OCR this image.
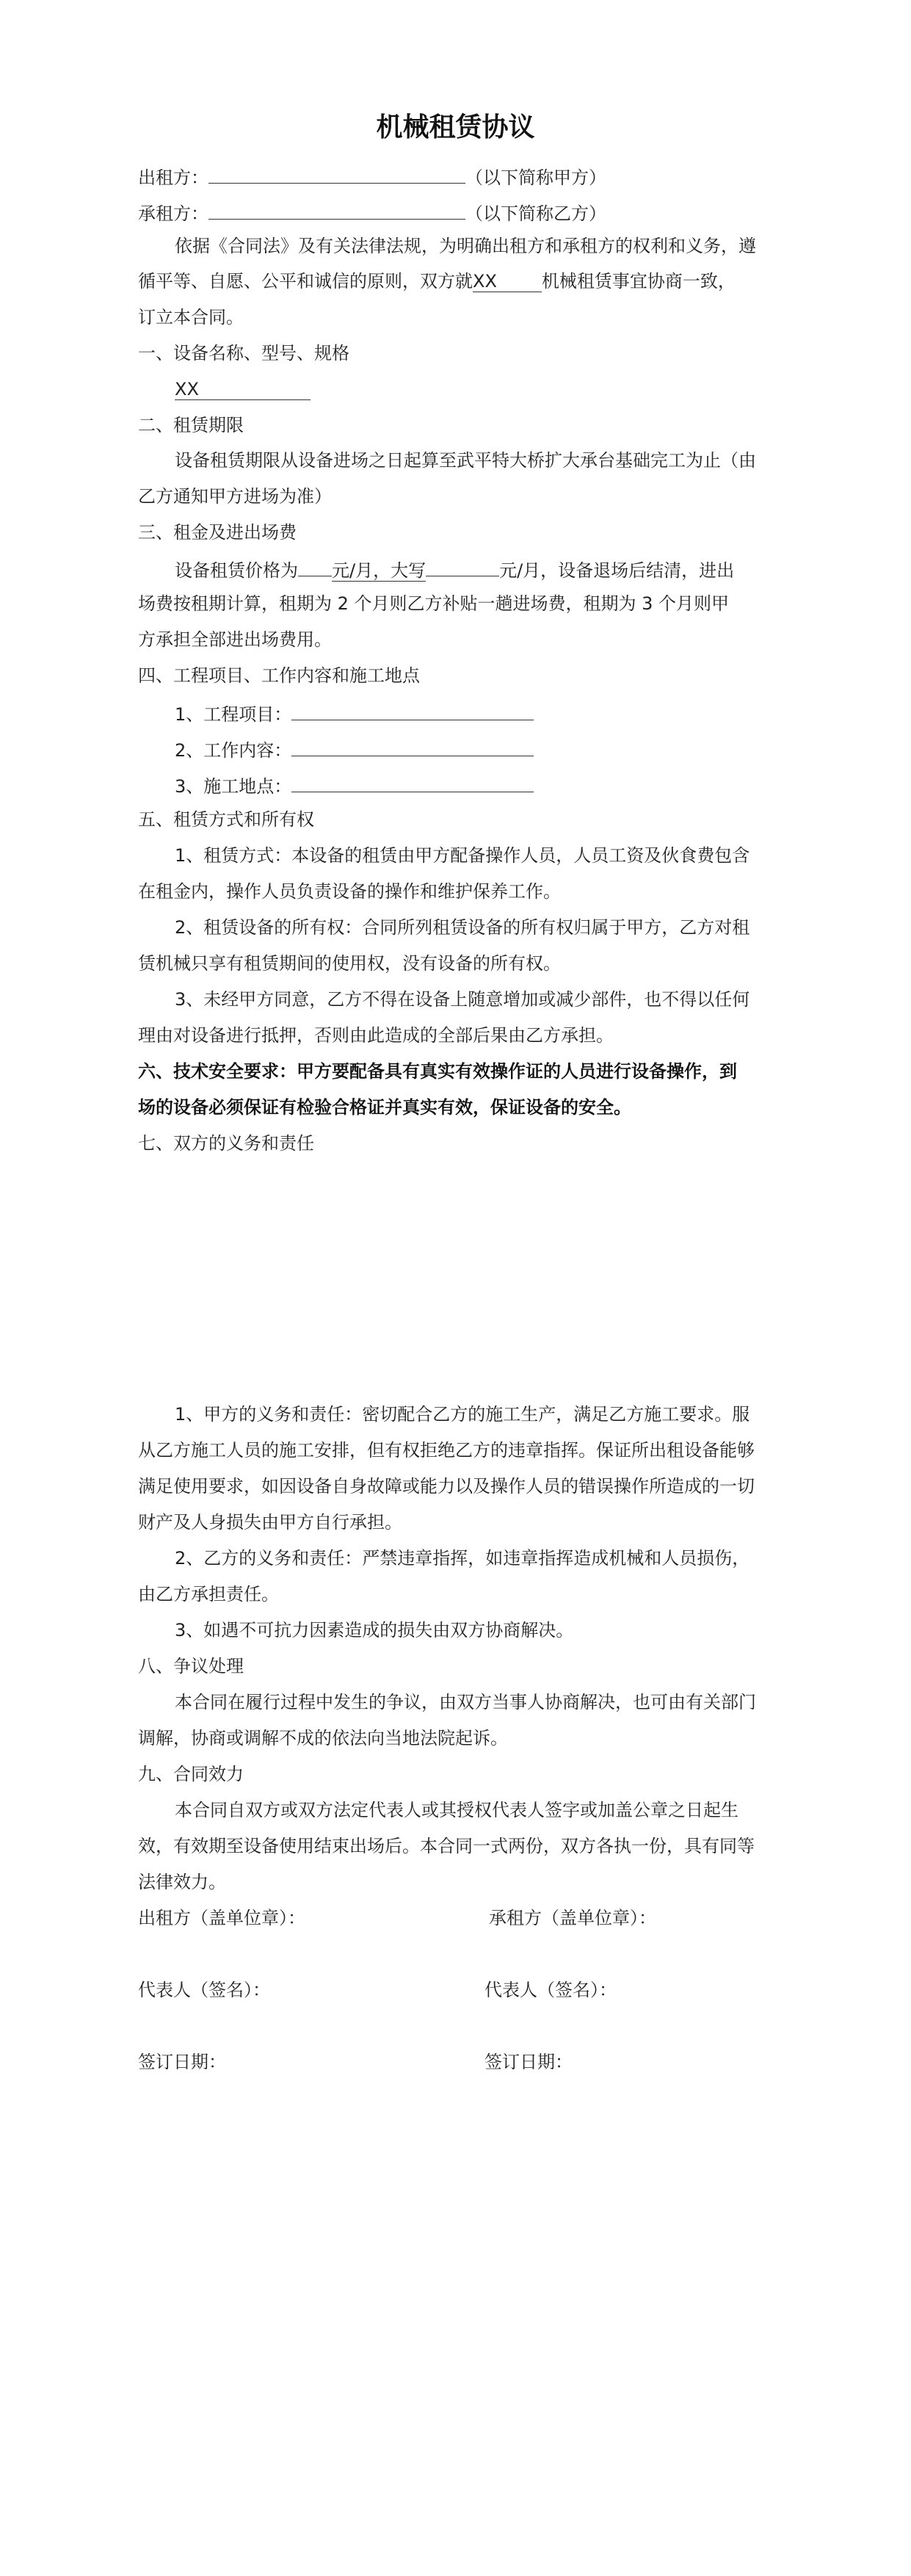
机械租赁协议
出租方：	（以下简称甲方）
承租方：	（以下简称乙方）
依据《合同法》及有关法律法规，为明确出租方和承租方的权利和义务，遵
循平等、自愿、公平和诚信的原则，双方就XX	机械租赁事宜协商一致，
订立本合同。
一、设备名称、型号、规格
XX
二、租赁期限
设备租赁期限从设备进场之日起算至武平特大桥扩大承台基础完工为止（由
乙方通知甲方进场为准）
三、租金及进出场费
设备租赁价格为 元/月，大写	元/月，设备退场后结清，进出
场费按租期计算，租期为 2 个月则乙方补贴一趟进场费，租期为 3 个月则甲
方承担全部进出场费用。
四、工程项目、工作内容和施工地点
1、工程项目：
2、工作内容：
3、施工地点：
五、租赁方式和所有权
1、租赁方式：本设备的租赁由甲方配备操作人员，人员工资及伙食费包含
在租金内，操作人员负责设备的操作和维护保养工作。
2、租赁设备的所有权：合同所列租赁设备的所有权归属于甲方，乙方对租
赁机械只享有租赁期间的使用权，没有设备的所有权。
3、未经甲方同意，乙方不得在设备上随意增加或减少部件，也不得以任何
理由对设备进行抵押，否则由此造成的全部后果由乙方承担。
六、技术安全要求：甲方要配备具有真实有效操作证的人员进行设备操作，到
场的设备必须保证有检验合格证并真实有效，保证设备的安全。
七、双方的义务和责任
1、甲方的义务和责任：密切配合乙方的施工生产，满足乙方施工要求。服
从乙方施工人员的施工安排，但有权拒绝乙方的违章指挥。保证所出租设备能够
满足使用要求，如因设备自身故障或能力以及操作人员的错误操作所造成的一切
财产及人身损失由甲方自行承担。
2、乙方的义务和责任：严禁违章指挥，如违章指挥造成机械和人员损伤，
由乙方承担责任。
3、如遇不可抗力因素造成的损失由双方协商解决。
八、争议处理
本合同在履行过程中发生的争议，由双方当事人协商解决，也可由有关部门
调解，协商或调解不成的依法向当地法院起诉。
九、合同效力
本合同自双方或双方法定代表人或其授权代表人签字或加盖公章之日起生
效，有效期至设备使用结束出场后。本合同一式两份，双方各执一份，具有同等
法律效力。
出租方（盖单位章）：	承租方（盖单位章）：
代表人（签名）：	代表人（签名）：
签订日期：	签订日期：
